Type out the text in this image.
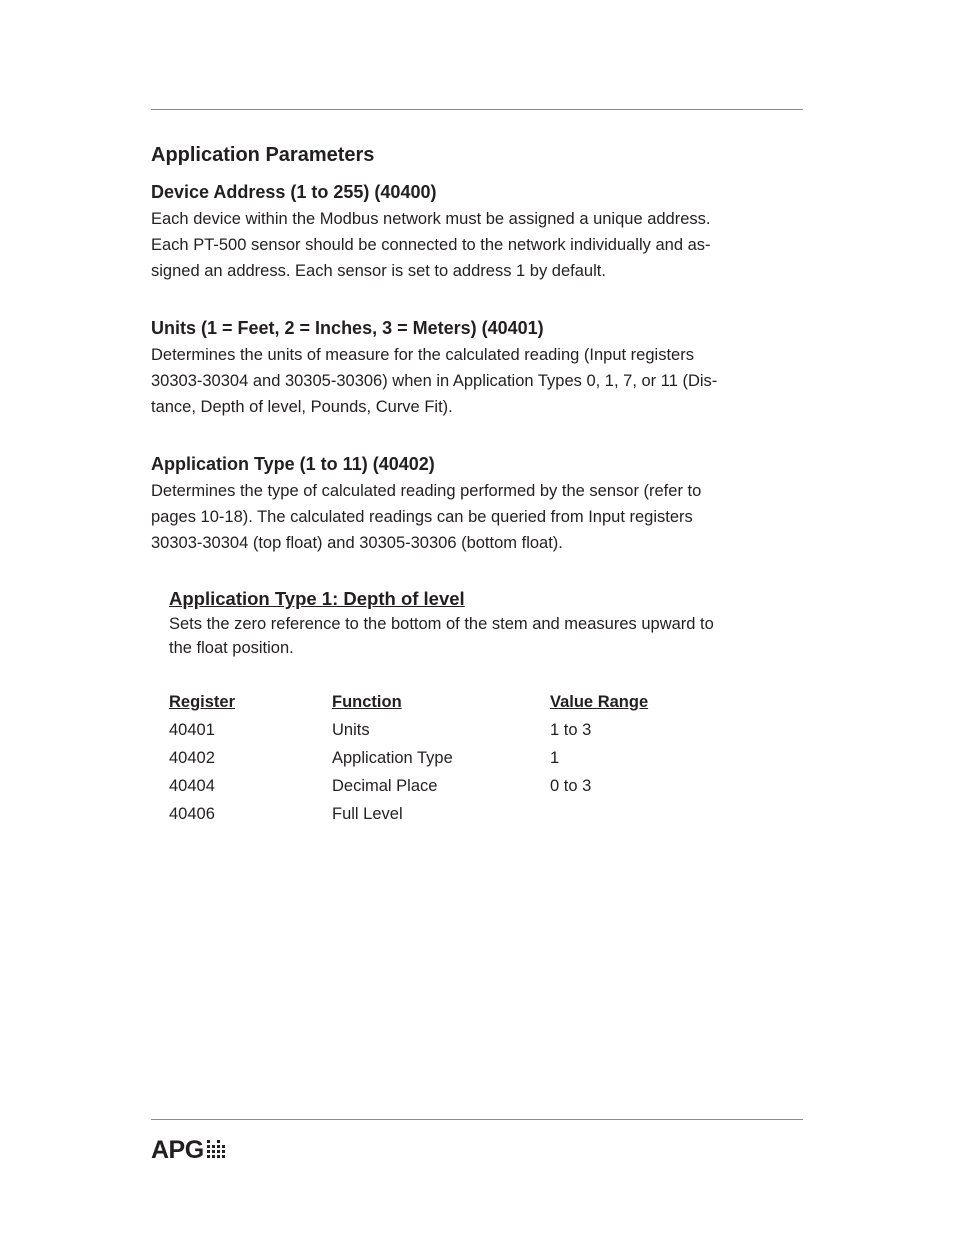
Application Parameters
Device Address (1 to 255) (40400)

Each device within the Modbus network must be assigned a unique address.
Each PT-500 sensor should be connected to the network individually and as-
signed an address. Each sensor is set to address 1 by default.

Units (1 = Feet, 2 = Inches, 3 = Meters) (40401)

Determines the units of measure for the calculated reading (Input registers
30303-30304 and 30305-30306) when in Application Types 0, 1, 7, or 11 (Dis-
tance, Depth of level, Pounds, Curve Fit).

Application Type (1 to 11) (40402)

Determines the type of calculated reading performed by the sensor (refer to
pages 10-18). The calculated readings can be queried from Input registers
30303-30304 (top float) and 30305-30306 (bottom float).

Application Type 1: Depth of level

Sets the zero reference to the bottom of the stem and measures upward to
the float position.

Register	Function	Value Range
40401	Units	1 to 3
40402	Application Type	1
40404	Decimal Place	0 to 3
40406	Full Level	
APG
